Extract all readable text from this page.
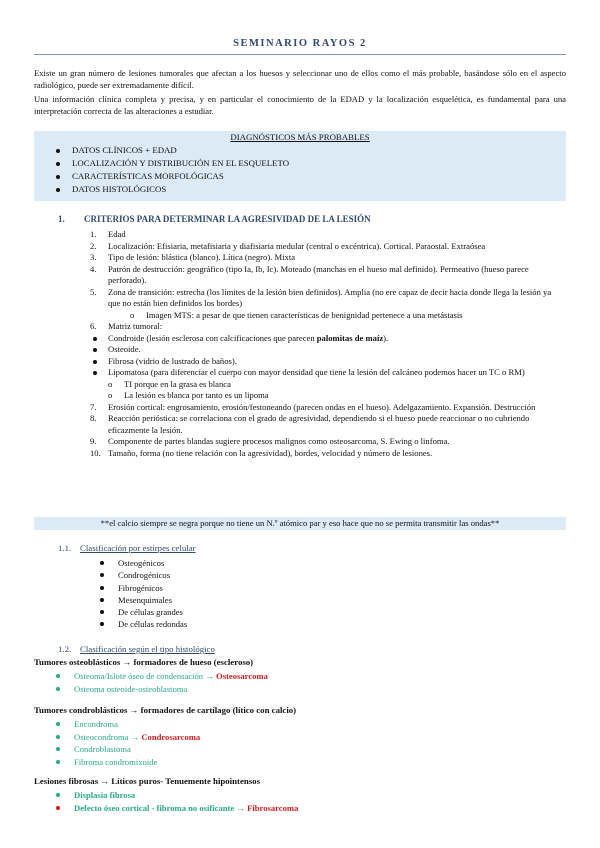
SEMINARIO RAYOS 2
Existe un gran número de lesiones tumorales que afectan a los huesos y seleccionar uno de ellos como el más probable, basándose sólo en el aspecto radiológico, puede ser extremadamente difícil.
Una información clínica completa y precisa, y en particular el conocimiento de la EDAD y la localización esquelética, es fundamental para una interpretación correcta de las alteraciones a estudiar.
DIAGNÓSTICOS MÁS PROBABLES
DATOS CLÍNICOS + EDAD
LOCALIZACIÓN Y DISTRIBUCIÓN EN EL ESQUELETO
CARACTERÍSTICAS MORFOLÓGICAS
DATOS HISTOLÓGICOS
1. CRITERIOS PARA DETERMINAR LA AGRESIVIDAD DE LA LESIÓN
1. Edad
2. Localización: Efisiaria, metafisiaria y diafisiaria medular (central o excéntrica). Cortical. Paraostal. Extraósea
3. Tipo de lesión: blástica (blanco). Lítica (negro). Mixta
4. Patrón de destrucción: geográfico (tipo Ia, Ib, Ic). Moteado (manchas en el hueso mal definido). Permeativo (hueso parece perforado).
5. Zona de transición: estrecha (los límites de la lesión bien definidos). Amplia (no ere capaz de decir hacia donde llega la lesión ya que no están bien definidos los bordes)
o Imagen MTS: a pesar de que tienen características de benignidad pertenece a una metástasis
6. Matriz tumoral:
Condroide (lesión esclerosa con calcificaciones que parecen palomitas de maíz).
Osteoide.
Fibrosa (vidrio de lustrado de baños).
Lipomatosa (para diferenciar el cuerpo con mayor densidad que tiene la lesión del calcáneo podemos hacer un TC o RM)
o TI porque en la grasa es blanca
o La lesión es blanca por tanto es un lipoma
7. Erosión cortical: engrosamiento, erosión/festoneando (parecen ondas en el hueso). Adelgazamiento. Expansión. Destrucción
8. Reacción perióstica: se correlaciona con el grado de agresividad, dependiendo si el hueso puede reaccionar o no cubriendo eficazmente la lesión.
9. Componente de partes blandas sugiere procesos malignos como osteosarcoma, S. Ewing o linfoma.
10. Tamaño, forma (no tiene relación con la agresividad), bordes, velocidad y número de lesiones.
**el calcio siempre se negra porque no tiene un N.º atómico par y eso hace que no se permita transmitir las ondas**
1.1. Clasificación por estirpes celular
Osteogénicos
Condrogénicos
Fibrogénicos
Mesenquimales
De células grandes
De células redondas
1.2. Clasificación según el tipo histológico
Tumores osteoblásticos → formadores de hueso (escleroso)
Osteoma/Islote óseo de condensación → Osteosarcoma
Osteoma osteoide-osteoblastoma
Tumores condroblásticos → formadores de cartílago (lítico con calcio)
Encondroma
Osteocondroma → Condrosarcoma
Condroblastoma
Fibroma condromixoide
Lesiones fibrosas → Líticos puros- Tenuemente hipointensos
Displasia fibrosa
Defecto óseo cortical - fibroma no osificante → Fibrosarcoma
